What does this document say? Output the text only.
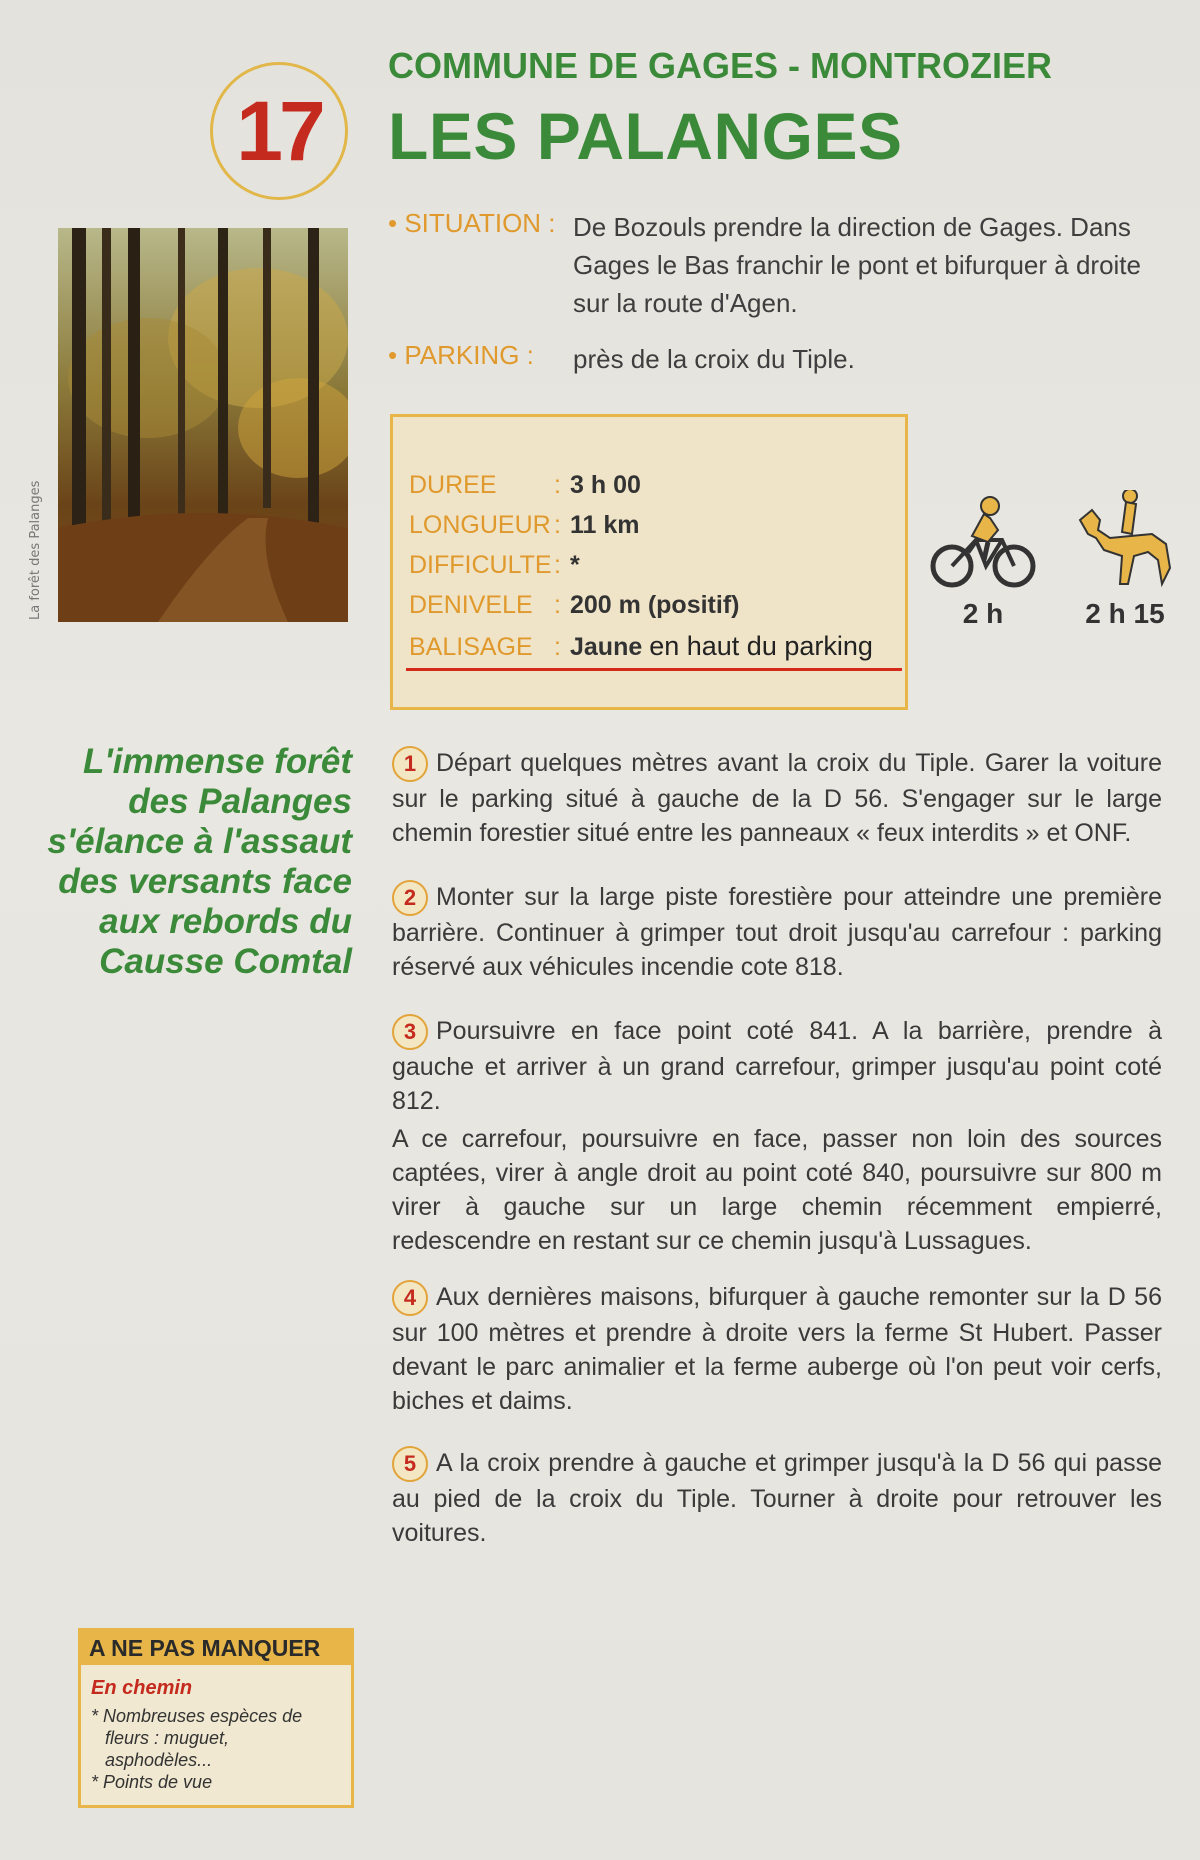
17
COMMUNE DE GAGES - MONTROZIER
LES PALANGES
La forêt des Palanges
• SITUATION : De Bozouls prendre la direction de Gages. Dans Gages le Bas franchir le pont et bifurquer à droite sur la route d'Agen.
• PARKING : près de la croix du Tiple.
DUREE : 3 h 00
LONGUEUR : 11 km
DIFFICULTE: *
DENIVELE : 200 m (positif)
BALISAGE : Jaune en haut du parking
2 h	2 h 15
L'immense forêt des Palanges s'élance à l'assaut des versants face aux rebords du Causse Comtal
1 Départ quelques mètres avant la croix du Tiple. Garer la voiture sur le parking situé à gauche de la D 56. S'engager sur le large chemin forestier situé entre les panneaux « feux interdits » et ONF.
2 Monter sur la large piste forestière pour atteindre une première barrière. Continuer à grimper tout droit jusqu'au carrefour : parking réservé aux véhicules incendie cote 818.
3 Poursuivre en face point coté 841. A la barrière, prendre à gauche et arriver à un grand carrefour, grimper jusqu'au point coté 812.
A ce carrefour, poursuivre en face, passer non loin des sources captées, virer à angle droit au point coté 840, poursuivre sur 800 m virer à gauche sur un large chemin récemment empierré, redescendre en restant sur ce chemin jusqu'à Lussagues.
4 Aux dernières maisons, bifurquer à gauche remonter sur la D 56 sur 100 mètres et prendre à droite vers la ferme St Hubert. Passer devant le parc animalier et la ferme auberge où l'on peut voir cerfs, biches et daims.
5 A la croix prendre à gauche et grimper jusqu'à la D 56 qui passe au pied de la croix du Tiple. Tourner à droite pour retrouver les voitures.
A NE PAS MANQUER
En chemin
* Nombreuses espèces de fleurs : muguet, asphodèles...
* Points de vue
